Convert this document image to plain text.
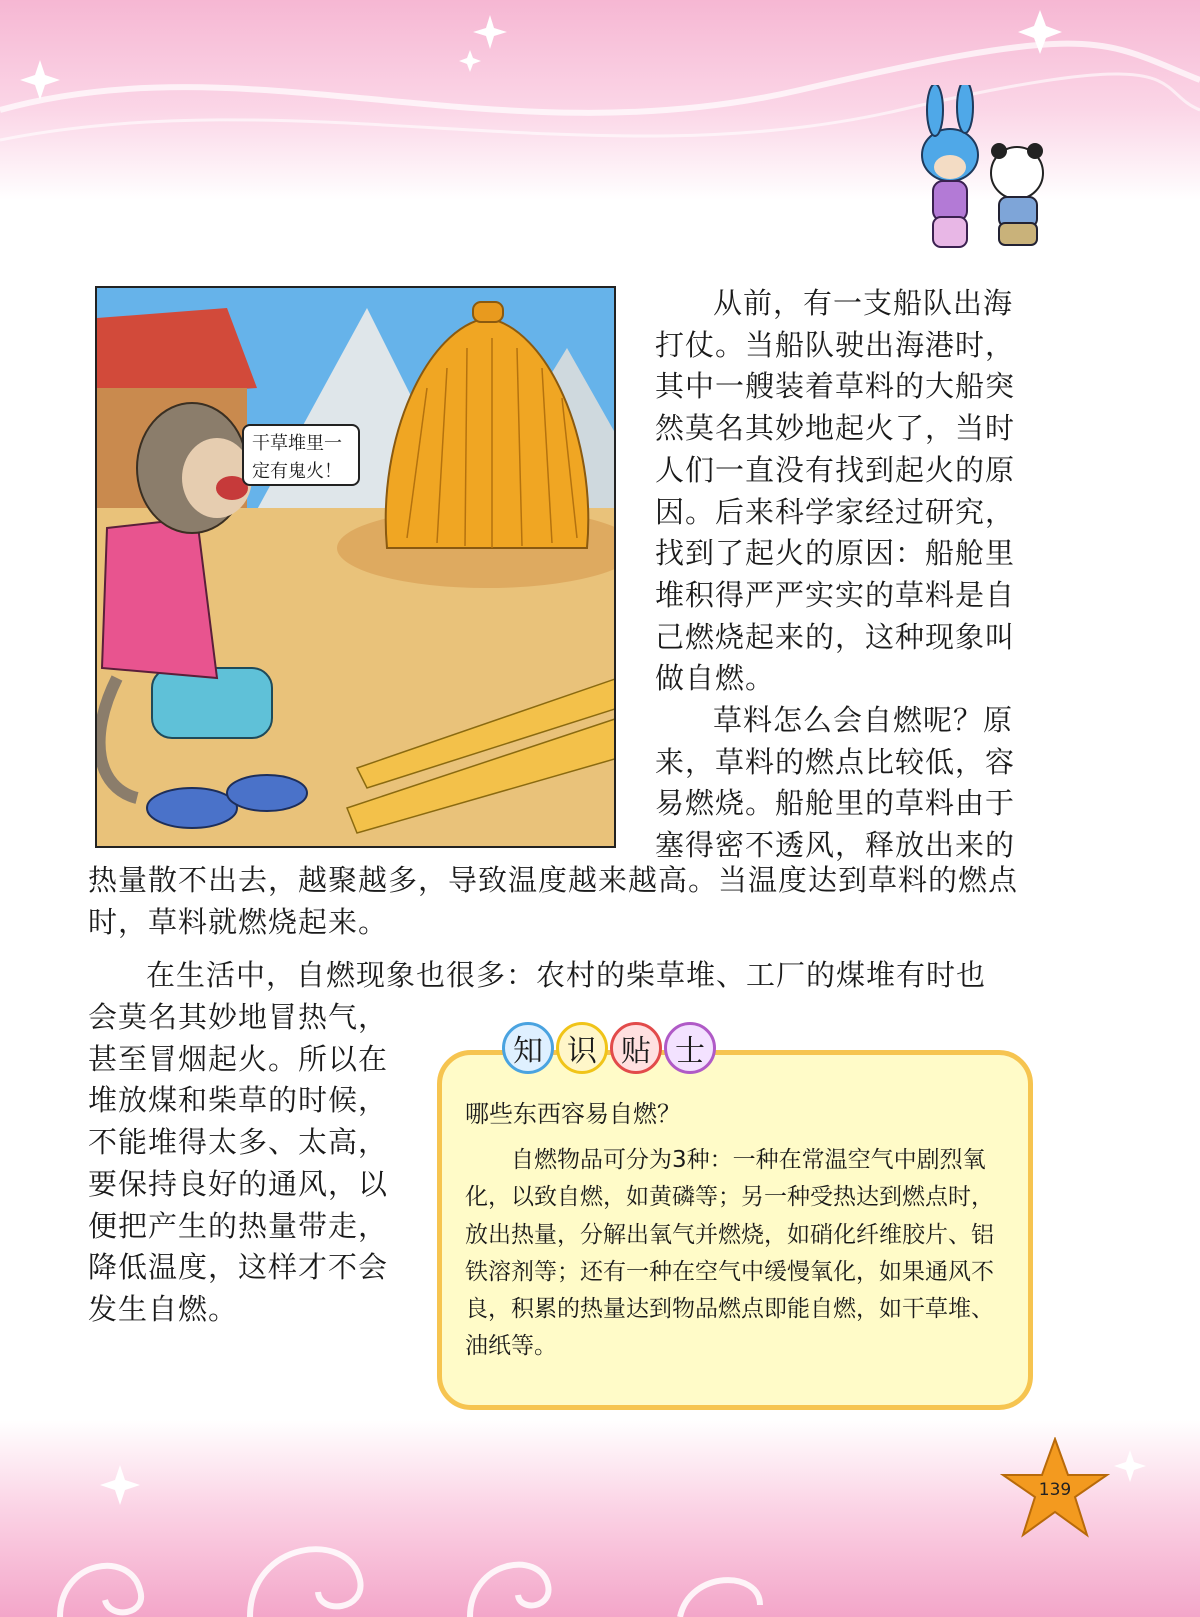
干草堆里一定有鬼火！

从前，有一支船队出海打仗。当船队驶出海港时，其中一艘装着草料的大船突然莫名其妙地起火了，当时人们一直没有找到起火的原因。后来科学家经过研究，找到了起火的原因：船舱里堆积得严严实实的草料是自己燃烧起来的，这种现象叫做自燃。
草料怎么会自燃呢？原来，草料的燃点比较低，容易燃烧。船舱里的草料由于塞得密不透风，释放出来的

热量散不出去，越聚越多，导致温度越来越高。当温度达到草料的燃点时，草料就燃烧起来。

在生活中，自燃现象也很多：农村的柴草堆、工厂的煤堆有时也

会莫名其妙地冒热气，甚至冒烟起火。所以在堆放煤和柴草的时候，不能堆得太多、太高，要保持良好的通风，以便把产生的热量带走，降低温度，这样才不会发生自燃。

知 识 贴 士

哪些东西容易自燃？

自燃物品可分为3种：一种在常温空气中剧烈氧化，以致自燃，如黄磷等；另一种受热达到燃点时，放出热量，分解出氧气并燃烧，如硝化纤维胶片、铝铁溶剂等；还有一种在空气中缓慢氧化，如果通风不良，积累的热量达到物品燃点即能自燃，如干草堆、油纸等。

139
